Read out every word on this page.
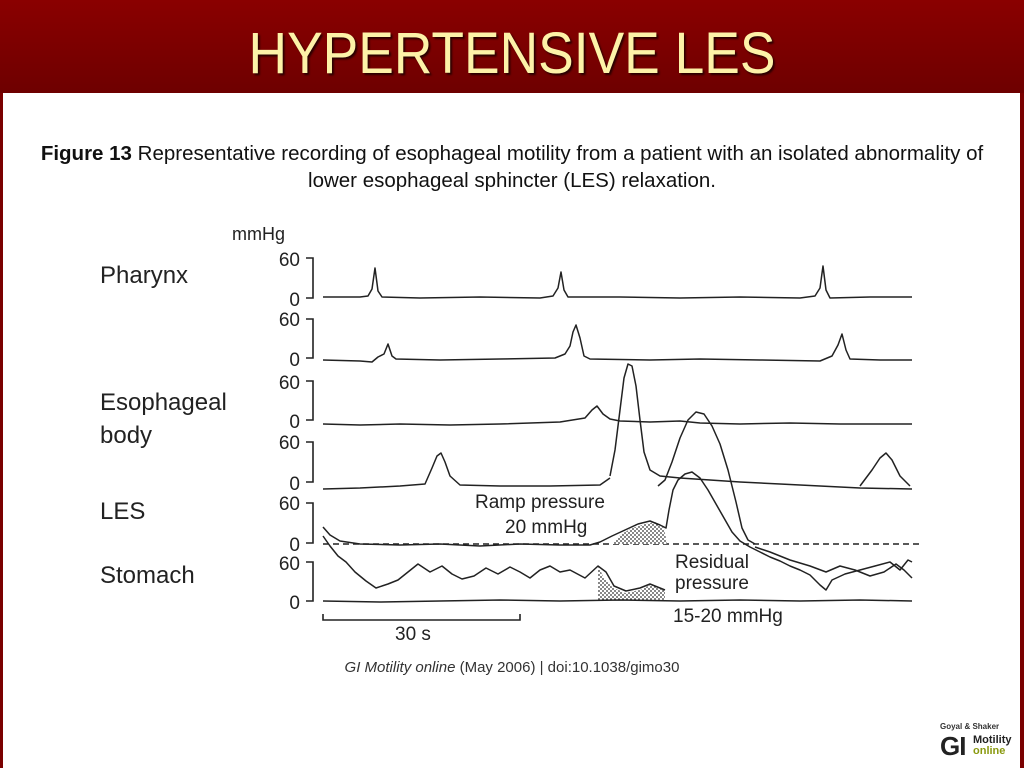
HYPERTENSIVE LES
Figure 13 Representative recording of esophageal motility from a patient with an isolated abnormality of lower esophageal sphincter (LES) relaxation.
mmHg
Pharynx
Esophageal
body
LES
Stomach
60
0
60
0
60
0
60
0
60
0
60
0
Ramp pressure
20 mmHg
Residual
pressure
15-20 mmHg
30 s
GI Motility online (May 2006) | doi:10.1038/gimo30
Goyal & Shaker
GI Motility
online
